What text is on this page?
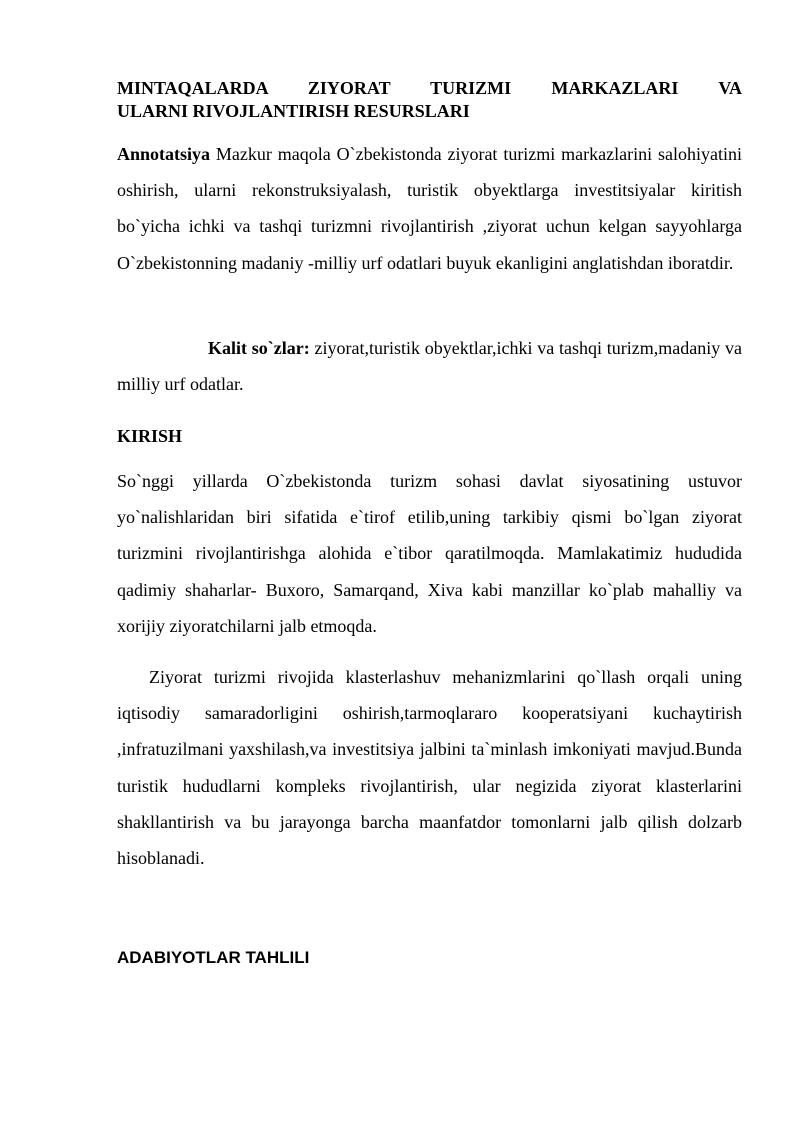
MINTAQALARDA ZIYORAT TURIZMI MARKAZLARI VA
ULARNI RIVOJLANTIRISH RESURSLARI

Annotatsiya Mazkur maqola O`zbekistonda ziyorat turizmi markazlarini salohiyatini oshirish, ularni rekonstruksiyalash, turistik obyektlarga investitsiyalar kiritish bo`yicha ichki va tashqi turizmni rivojlantirish ,ziyorat uchun kelgan sayyohlarga O`zbekistonning madaniy -milliy urf odatlari buyuk ekanligini anglatishdan iboratdir.

Kalit so`zlar: ziyorat,turistik obyektlar,ichki va tashqi turizm,madaniy va milliy urf odatlar.

KIRISH

So`nggi yillarda O`zbekistonda turizm sohasi davlat siyosatining ustuvor yo`nalishlaridan biri sifatida e`tirof etilib,uning tarkibiy qismi bo`lgan ziyorat turizmini rivojlantirishga alohida e`tibor qaratilmoqda. Mamlakatimiz hududida qadimiy shaharlar- Buxoro, Samarqand, Xiva kabi manzillar ko`plab mahalliy va xorijiy ziyoratchilarni jalb etmoqda.

Ziyorat turizmi rivojida klasterlashuv mehanizmlarini qo`llash orqali uning iqtisodiy samaradorligini oshirish,tarmoqlararo kooperatsiyani kuchaytirish ,infratuzilmani yaxshilash,va investitsiya jalbini ta`minlash imkoniyati mavjud.Bunda turistik hududlarni kompleks rivojlantirish, ular negizida ziyorat klasterlarini shakllantirish va bu jarayonga barcha maanfatdor tomonlarni jalb qilish dolzarb hisoblanadi.

ADABIYOTLAR TAHLILI
